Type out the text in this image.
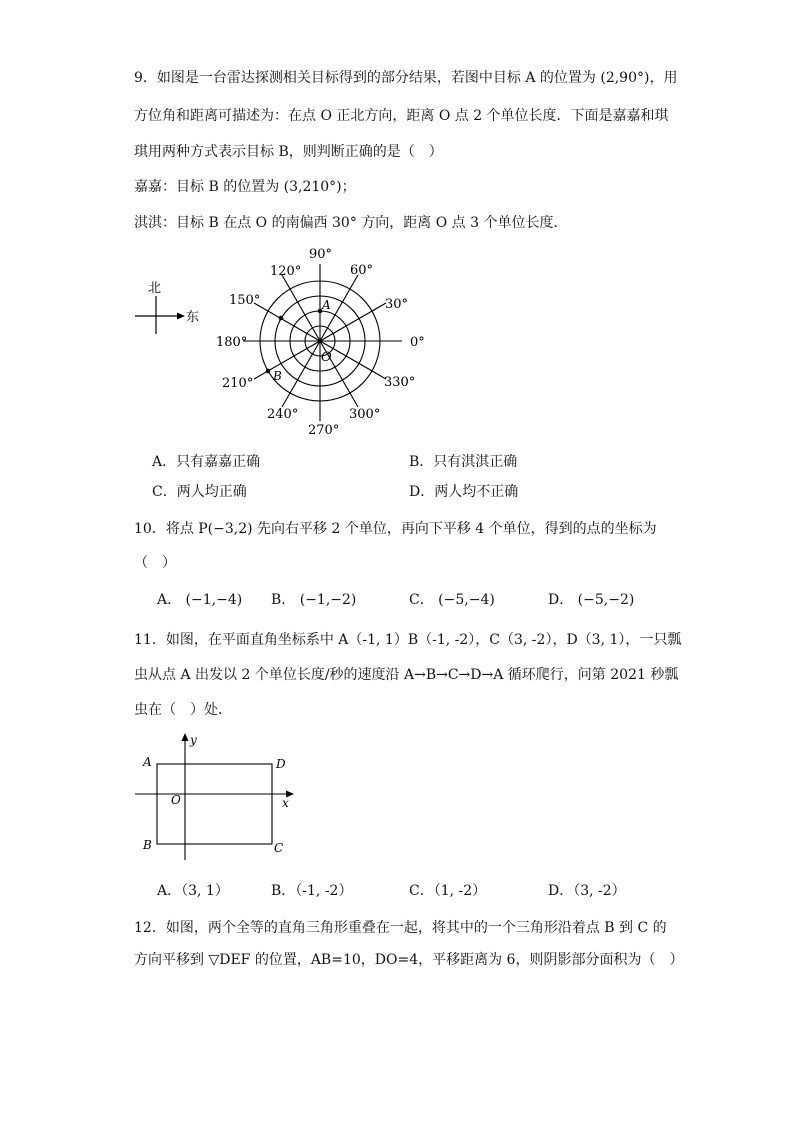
9．如图是一台雷达探测相关目标得到的部分结果，若图中目标 A 的位置为 (2,90°)，用
方位角和距离可描述为：在点 O 正北方向，距离 O 点 2 个单位长度．下面是嘉嘉和琪
琪用两种方式表示目标 B，则判断正确的是（　）
嘉嘉：目标 B 的位置为 (3,210°)；
淇淇：目标 B 在点 O 的南偏西 30° 方向，距离 O 点 3 个单位长度．
北
东
A
B
O
0°
30°
60°
90°
120°
150°
180°
210°
240°
270°
300°
330°
A．只有嘉嘉正确	B．只有淇淇正确
C．两人均正确	D．两人均不正确
10．将点 P(−3,2) 先向右平移 2 个单位，再向下平移 4 个单位，得到的点的坐标为
（　）
A． (−1,−4) B． (−1,−2)	C． (−5,−4)	D． (−5,−2)
11．如图，在平面直角坐标系中 A（-1, 1）B（-1, -2），C（3, -2），D（3, 1），一只瓢
虫从点 A 出发以 2 个单位长度/秒的速度沿 A→B→C→D→A 循环爬行，问第 2021 秒瓢
虫在（　）处．
A
B	C
D
O	x
y
A．（3, 1）	B．（-1, -2）	C．（1, -2）	D．（3, -2）
12．如图，两个全等的直角三角形重叠在一起，将其中的一个三角形沿着点 B 到 C 的
方向平移到 ▽DEF 的位置，AB=10，DO=4，平移距离为 6，则阴影部分面积为（　）
